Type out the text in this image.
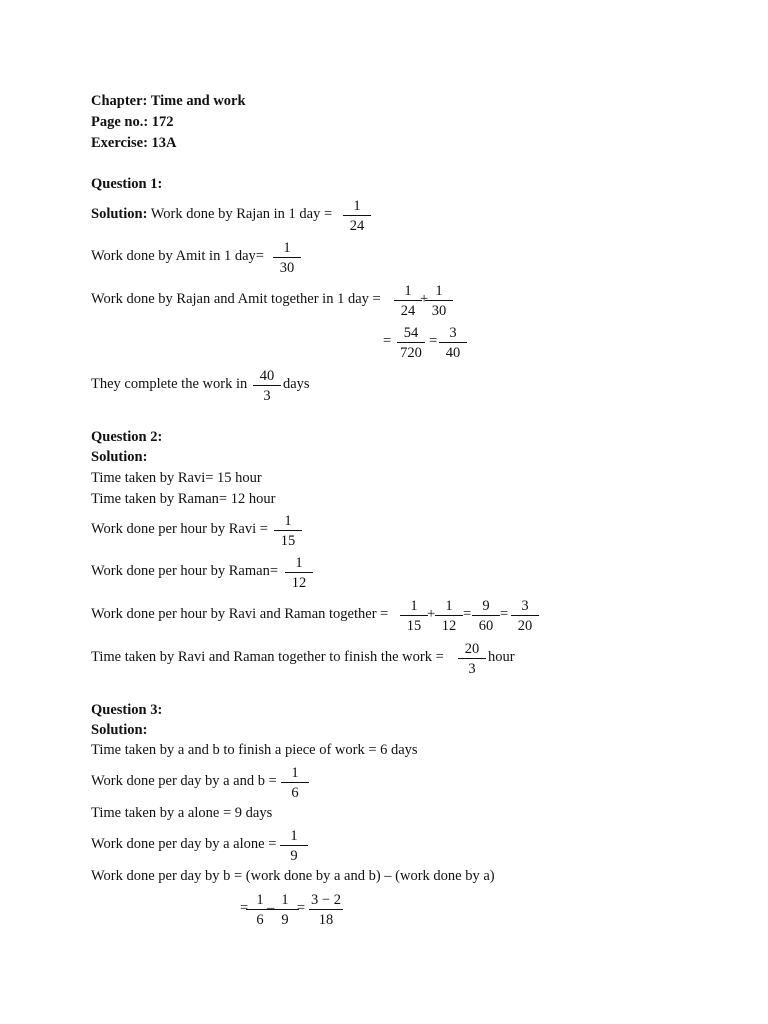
Chapter: Time and work
Page no.: 172
Exercise: 13A
Question 1:
Solution: Work done by Rajan in 1 day =	1
24
Work done by Amit in 1 day=	1
30
Work done by Rajan and Amit together in 1 day =	1
24
+ 1
30
= 54
720
= 3
40
They complete the work in 40
3
days
Question 2:
Solution:
Time taken by Ravi= 15 hour
Time taken by Raman= 12 hour
Work done per hour by Ravi =	1
15
Work done per hour by Raman=	1
12
Work done per hour by Ravi and Raman together =	1
15
+ 1
12
= 9
60
= 3
20
Time taken by Ravi and Raman together to finish the work =	20
3
hour
Question 3:
Solution:
Time taken by a and b to finish a piece of work = 6 days
Work done per day by a and b =	1
6
Time taken by a alone = 9 days
Work done per day by a alone = 1
9
Work done per day by b = (work done by a and b) – (work done by a)
= 1
6
– 1
9
= 3 − 2
18
